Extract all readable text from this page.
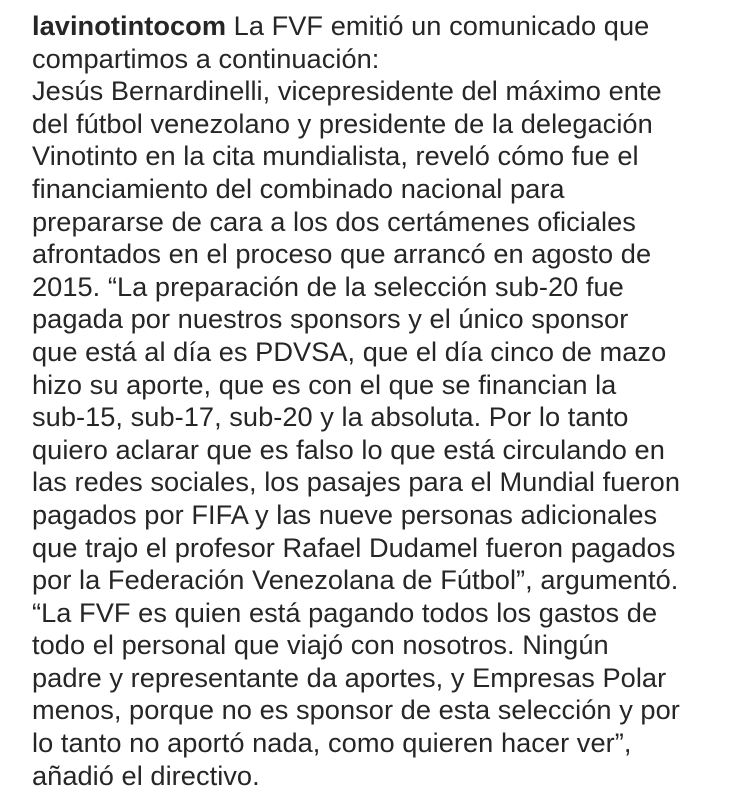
lavinotintocom La FVF emitió un comunicado que
compartimos a continuación:
Jesús Bernardinelli, vicepresidente del máximo ente
del fútbol venezolano y presidente de la delegación
Vinotinto en la cita mundialista, reveló cómo fue el
financiamiento del combinado nacional para
prepararse de cara a los dos certámenes oficiales
afrontados en el proceso que arrancó en agosto de
2015. “La preparación de la selección sub-20 fue
pagada por nuestros sponsors y el único sponsor
que está al día es PDVSA, que el día cinco de mazo
hizo su aporte, que es con el que se financian la
sub-15, sub-17, sub-20 y la absoluta. Por lo tanto
quiero aclarar que es falso lo que está circulando en
las redes sociales, los pasajes para el Mundial fueron
pagados por FIFA y las nueve personas adicionales
que trajo el profesor Rafael Dudamel fueron pagados
por la Federación Venezolana de Fútbol”, argumentó.
“La FVF es quien está pagando todos los gastos de
todo el personal que viajó con nosotros. Ningún
padre y representante da aportes, y Empresas Polar
menos, porque no es sponsor de esta selección y por
lo tanto no aportó nada, como quieren hacer ver”,
añadió el directivo.
